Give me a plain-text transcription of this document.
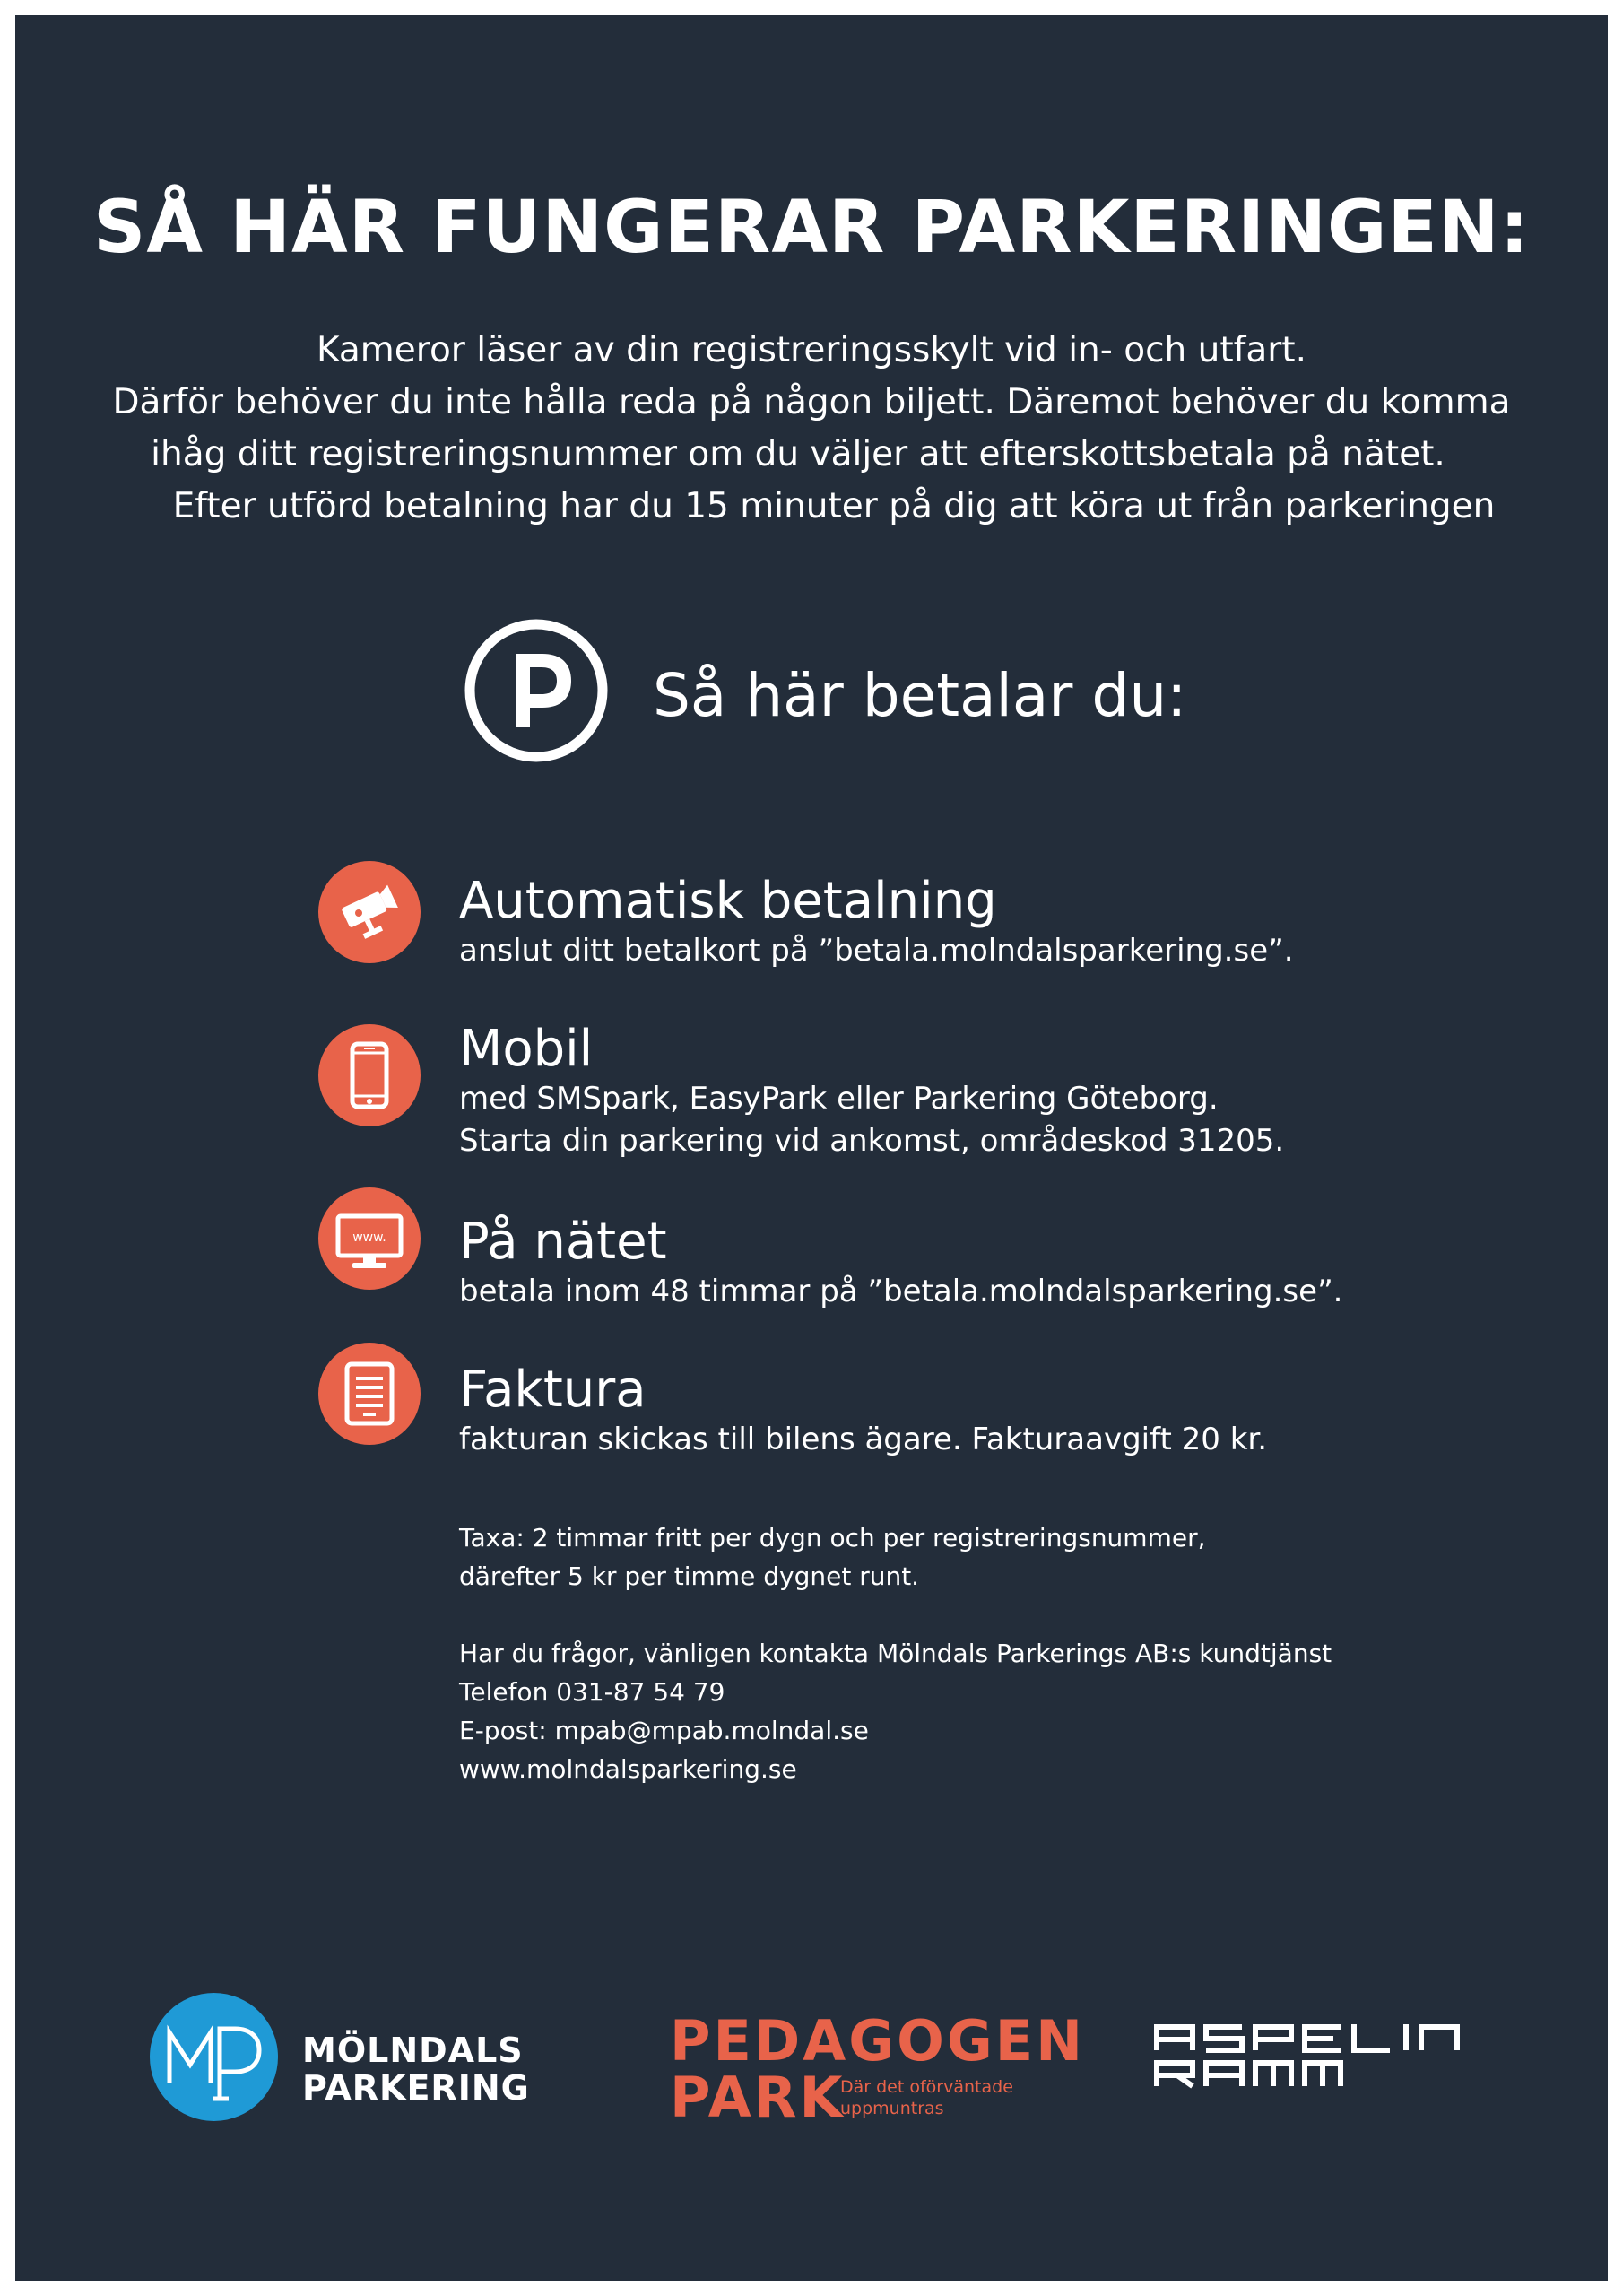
SÅ HÄR FUNGERAR PARKERINGEN:
Kameror läser av din registreringsskylt vid in- och utfart.
Därför behöver du inte hålla reda på någon biljett. Däremot behöver du komma
ihåg ditt registreringsnummer om du väljer att efterskottsbetala på nätet.
Efter utförd betalning har du 15 minuter på dig att köra ut från parkeringen
Så här betalar du:
Automatisk betalning
anslut ditt betalkort på ”betala.molndalsparkering.se”.
Mobil
med SMSpark, EasyPark eller Parkering Göteborg.
Starta din parkering vid ankomst, områdeskod 31205.
www. På nätet
betala inom 48 timmar på ”betala.molndalsparkering.se”.
Faktura
fakturan skickas till bilens ägare. Fakturaavgift 20 kr.
Taxa: 2 timmar fritt per dygn och per registreringsnummer,
därefter 5 kr per timme dygnet runt.
Har du frågor, vänligen kontakta Mölndals Parkerings AB:s kundtjänst
Telefon 031-87 54 79
E-post: mpab@mpab.molndal.se
www.molndalsparkering.se
MÖLNDALS
PARKERING
PEDAGOGEN
PARK
Där det oförväntade
uppmuntras
